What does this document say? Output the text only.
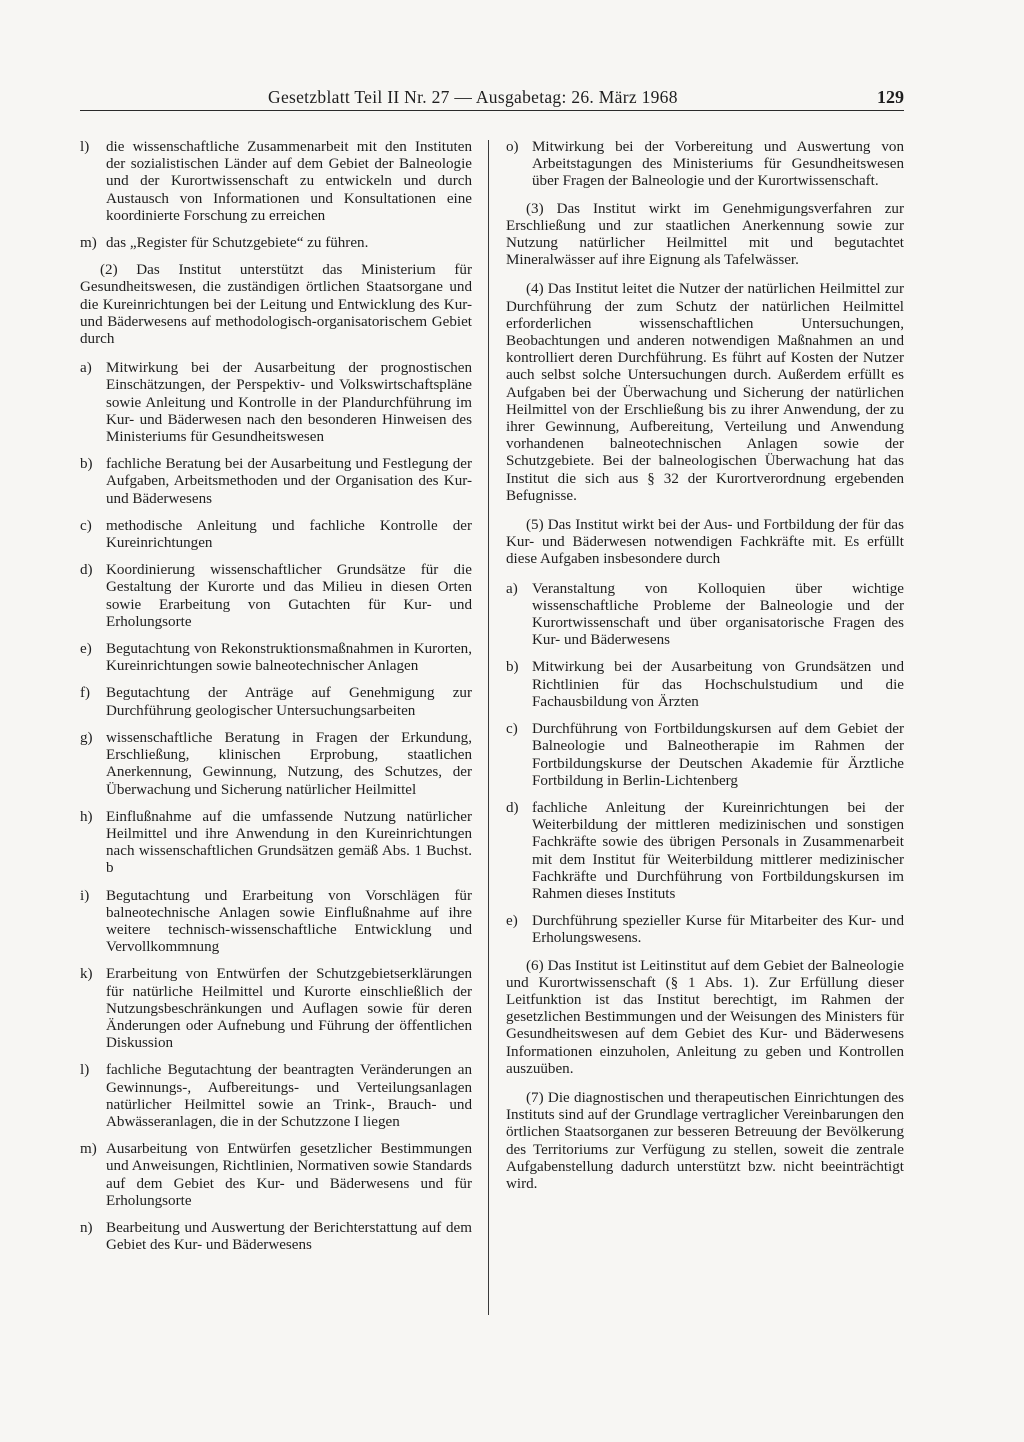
Gesetzblatt Teil II Nr. 27 — Ausgabetag: 26. März 1968	129
l) die wissenschaftliche Zusammenarbeit mit den Instituten der sozialistischen Länder auf dem Gebiet der Balneologie und der Kurortwissenschaft zu entwickeln und durch Austausch von Informationen und Konsultationen eine koordinierte Forschung zu erreichen
m) das „Register für Schutzgebiete“ zu führen.

(2) Das Institut unterstützt das Ministerium für Gesundheitswesen, die zuständigen örtlichen Staatsorgane und die Kureinrichtungen bei der Leitung und Entwicklung des Kur- und Bäderwesens auf methodologisch-organisatorischem Gebiet durch

a) Mitwirkung bei der Ausarbeitung der prognostischen Einschätzungen, der Perspektiv- und Volkswirtschaftspläne sowie Anleitung und Kontrolle in der Plandurchführung im Kur- und Bäderwesen nach den besonderen Hinweisen des Ministeriums für Gesundheitswesen
b) fachliche Beratung bei der Ausarbeitung und Festlegung der Aufgaben, Arbeitsmethoden und der Organisation des Kur- und Bäderwesens
c) methodische Anleitung und fachliche Kontrolle der Kureinrichtungen
d) Koordinierung wissenschaftlicher Grundsätze für die Gestaltung der Kurorte und das Milieu in diesen Orten sowie Erarbeitung von Gutachten für Kur- und Erholungsorte
e) Begutachtung von Rekonstruktionsmaßnahmen in Kurorten, Kureinrichtungen sowie balneotechnischer Anlagen
f) Begutachtung der Anträge auf Genehmigung zur Durchführung geologischer Untersuchungsarbeiten
g) wissenschaftliche Beratung in Fragen der Erkundung, Erschließung, klinischen Erprobung, staatlichen Anerkennung, Gewinnung, Nutzung, des Schutzes, der Überwachung und Sicherung natürlicher Heilmittel
h) Einflußnahme auf die umfassende Nutzung natürlicher Heilmittel und ihre Anwendung in den Kureinrichtungen nach wissenschaftlichen Grundsätzen gemäß Abs. 1 Buchst. b
i) Begutachtung und Erarbeitung von Vorschlägen für balneotechnische Anlagen sowie Einflußnahme auf ihre weitere technisch-wissenschaftliche Entwicklung und Vervollkommnung
k) Erarbeitung von Entwürfen der Schutzgebietserklärungen für natürliche Heilmittel und Kurorte einschließlich der Nutzungsbeschränkungen und Auflagen sowie für deren Änderungen oder Aufnebung und Führung der öffentlichen Diskussion
l) fachliche Begutachtung der beantragten Veränderungen an Gewinnungs-, Aufbereitungs- und Verteilungsanlagen natürlicher Heilmittel sowie an Trink-, Brauch- und Abwässeranlagen, die in der Schutzzone I liegen
m) Ausarbeitung von Entwürfen gesetzlicher Bestimmungen und Anweisungen, Richtlinien, Normativen sowie Standards auf dem Gebiet des Kur- und Bäderwesens und für Erholungsorte
n) Bearbeitung und Auswertung der Berichterstattung auf dem Gebiet des Kur- und Bäderwesens
o) Mitwirkung bei der Vorbereitung und Auswertung von Arbeitstagungen des Ministeriums für Gesundheitswesen über Fragen der Balneologie und der Kurortwissenschaft.

(3) Das Institut wirkt im Genehmigungsverfahren zur Erschließung und zur staatlichen Anerkennung sowie zur Nutzung natürlicher Heilmittel mit und begutachtet Mineralwässer auf ihre Eignung als Tafelwässer.

(4) Das Institut leitet die Nutzer der natürlichen Heilmittel zur Durchführung der zum Schutz der natürlichen Heilmittel erforderlichen wissenschaftlichen Untersuchungen, Beobachtungen und anderen notwendigen Maßnahmen an und kontrolliert deren Durchführung. Es führt auf Kosten der Nutzer auch selbst solche Untersuchungen durch. Außerdem erfüllt es Aufgaben bei der Überwachung und Sicherung der natürlichen Heilmittel von der Erschließung bis zu ihrer Anwendung, der zu ihrer Gewinnung, Aufbereitung, Verteilung und Anwendung vorhandenen balneotechnischen Anlagen sowie der Schutzgebiete. Bei der balneologischen Überwachung hat das Institut die sich aus § 32 der Kurortverordnung ergebenden Befugnisse.

(5) Das Institut wirkt bei der Aus- und Fortbildung der für das Kur- und Bäderwesen notwendigen Fachkräfte mit. Es erfüllt diese Aufgaben insbesondere durch

a) Veranstaltung von Kolloquien über wichtige wissenschaftliche Probleme der Balneologie und der Kurortwissenschaft und über organisatorische Fragen des Kur- und Bäderwesens
b) Mitwirkung bei der Ausarbeitung von Grundsätzen und Richtlinien für das Hochschulstudium und die Fachausbildung von Ärzten
c) Durchführung von Fortbildungskursen auf dem Gebiet der Balneologie und Balneotherapie im Rahmen der Fortbildungskurse der Deutschen Akademie für Ärztliche Fortbildung in Berlin-Lichtenberg
d) fachliche Anleitung der Kureinrichtungen bei der Weiterbildung der mittleren medizinischen und sonstigen Fachkräfte sowie des übrigen Personals in Zusammenarbeit mit dem Institut für Weiterbildung mittlerer medizinischer Fachkräfte und Durchführung von Fortbildungskursen im Rahmen dieses Instituts
e) Durchführung spezieller Kurse für Mitarbeiter des Kur- und Erholungswesens.

(6) Das Institut ist Leitinstitut auf dem Gebiet der Balneologie und Kurortwissenschaft (§ 1 Abs. 1). Zur Erfüllung dieser Leitfunktion ist das Institut berechtigt, im Rahmen der gesetzlichen Bestimmungen und der Weisungen des Ministers für Gesundheitswesen auf dem Gebiet des Kur- und Bäderwesens Informationen einzuholen, Anleitung zu geben und Kontrollen auszuüben.

(7) Die diagnostischen und therapeutischen Einrichtungen des Instituts sind auf der Grundlage vertraglicher Vereinbarungen den örtlichen Staatsorganen zur besseren Betreuung der Bevölkerung des Territoriums zur Verfügung zu stellen, soweit die zentrale Aufgabenstellung dadurch unterstützt bzw. nicht beeinträchtigt wird.
